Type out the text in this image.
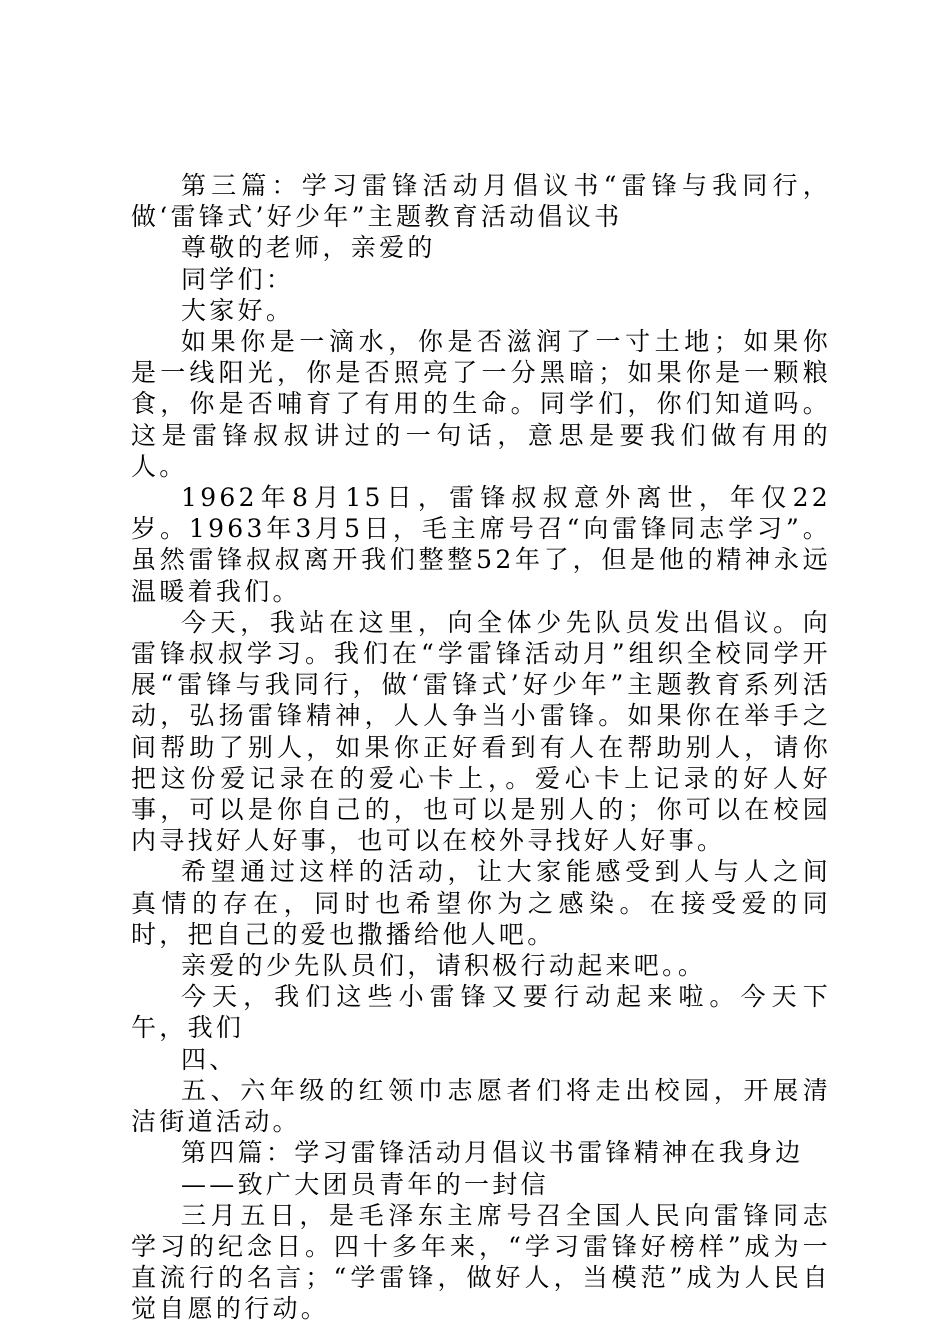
第三篇：学习雷锋活动月倡议书“雷锋与我同行，做‘雷锋式’好少年”主题教育活动倡议书

尊敬的老师，亲爱的

同学们：

大家好。

如果你是一滴水，你是否滋润了一寸土地；如果你是一线阳光，你是否照亮了一分黑暗；如果你是一颗粮食，你是否哺育了有用的生命。同学们，你们知道吗。这是雷锋叔叔讲过的一句话，意思是要我们做有用的人。

1962年8月15日，雷锋叔叔意外离世，年仅22岁。1963年3月5日，毛主席号召“向雷锋同志学习”。虽然雷锋叔叔离开我们整整52年了，但是他的精神永远温暖着我们。

今天，我站在这里，向全体少先队员发出倡议。向雷锋叔叔学习。我们在“学雷锋活动月”组织全校同学开展“雷锋与我同行，做‘雷锋式’好少年”主题教育系列活动，弘扬雷锋精神，人人争当小雷锋。如果你在举手之间帮助了别人，如果你正好看到有人在帮助别人，请你把这份爱记录在的爱心卡上，。爱心卡上记录的好人好事，可以是你自己的，也可以是别人的；你可以在校园内寻找好人好事，也可以在校外寻找好人好事。

希望通过这样的活动，让大家能感受到人与人之间真情的存在，同时也希望你为之感染。在接受爱的同时，把自己的爱也撒播给他人吧。

亲爱的少先队员们，请积极行动起来吧。。

今天，我们这些小雷锋又要行动起来啦。今天下午，我们

四、

五、六年级的红领巾志愿者们将走出校园，开展清洁街道活动。

第四篇：学习雷锋活动月倡议书雷锋精神在我身边

——致广大团员青年的一封信

三月五日，是毛泽东主席号召全国人民向雷锋同志学习的纪念日。四十多年来，“学习雷锋好榜样”成为一直流行的名言；“学雷锋，做好人，当模范”成为人民自觉自愿的行动。
